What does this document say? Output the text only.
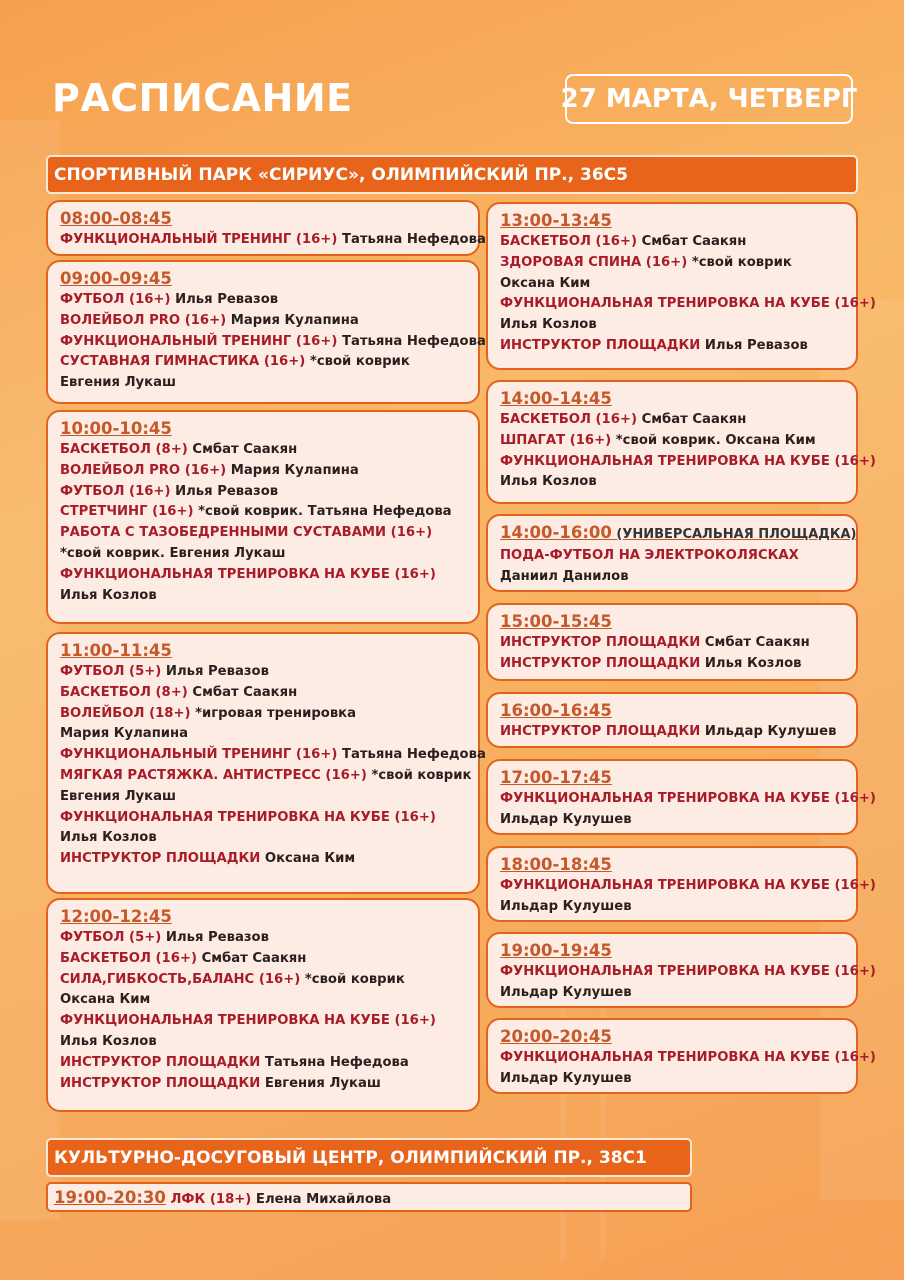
РАСПИСАНИЕ	27 МАРТА, ЧЕТВЕРГ
СПОРТИВНЫЙ ПАРК «СИРИУС», ОЛИМПИЙСКИЙ ПР., 36С5
08:00-08:45
ФУНКЦИОНАЛЬНЫЙ ТРЕНИНГ (16+) Татьяна Нефедова
09:00-09:45
ФУТБОЛ (16+) Илья Ревазов
ВОЛЕЙБОЛ PRO (16+) Мария Кулапина
ФУНКЦИОНАЛЬНЫЙ ТРЕНИНГ (16+) Татьяна Нефедова
СУСТАВНАЯ ГИМНАСТИКА (16+) *свой коврик
Евгения Лукаш
10:00-10:45
БАСКЕТБОЛ (8+) Смбат Саакян
ВОЛЕЙБОЛ PRO (16+) Мария Кулапина
ФУТБОЛ (16+) Илья Ревазов
СТРЕТЧИНГ (16+) *свой коврик. Татьяна Нефедова
РАБОТА С ТАЗОБЕДРЕННЫМИ СУСТАВАМИ (16+)
*свой коврик. Евгения Лукаш
ФУНКЦИОНАЛЬНАЯ ТРЕНИРОВКА НА КУБЕ (16+)
Илья Козлов
11:00-11:45
ФУТБОЛ (5+) Илья Ревазов
БАСКЕТБОЛ (8+) Смбат Саакян
ВОЛЕЙБОЛ (18+) *игровая тренировка
Мария Кулапина
ФУНКЦИОНАЛЬНЫЙ ТРЕНИНГ (16+) Татьяна Нефедова
МЯГКАЯ РАСТЯЖКА. АНТИСТРЕСС (16+) *свой коврик
Евгения Лукаш
ФУНКЦИОНАЛЬНАЯ ТРЕНИРОВКА НА КУБЕ (16+)
Илья Козлов
ИНСТРУКТОР ПЛОЩАДКИ Оксана Ким
12:00-12:45
ФУТБОЛ (5+) Илья Ревазов
БАСКЕТБОЛ (16+) Смбат Саакян
СИЛА,ГИБКОСТЬ,БАЛАНС (16+) *свой коврик
Оксана Ким
ФУНКЦИОНАЛЬНАЯ ТРЕНИРОВКА НА КУБЕ (16+)
Илья Козлов
ИНСТРУКТОР ПЛОЩАДКИ Татьяна Нефедова
ИНСТРУКТОР ПЛОЩАДКИ Евгения Лукаш
13:00-13:45
БАСКЕТБОЛ (16+) Смбат Саакян
ЗДОРОВАЯ СПИНА (16+) *свой коврик
Оксана Ким
ФУНКЦИОНАЛЬНАЯ ТРЕНИРОВКА НА КУБЕ (16+)
Илья Козлов
ИНСТРУКТОР ПЛОЩАДКИ Илья Ревазов
14:00-14:45
БАСКЕТБОЛ (16+) Смбат Саакян
ШПАГАТ (16+) *свой коврик. Оксана Ким
ФУНКЦИОНАЛЬНАЯ ТРЕНИРОВКА НА КУБЕ (16+)
Илья Козлов
14:00-16:00 (УНИВЕРСАЛЬНАЯ ПЛОЩАДКА)
ПОДА-ФУТБОЛ НА ЭЛЕКТРОКОЛЯСКАХ
Даниил Данилов
15:00-15:45
ИНСТРУКТОР ПЛОЩАДКИ Смбат Саакян
ИНСТРУКТОР ПЛОЩАДКИ Илья Козлов
16:00-16:45
ИНСТРУКТОР ПЛОЩАДКИ Ильдар Кулушев
17:00-17:45
ФУНКЦИОНАЛЬНАЯ ТРЕНИРОВКА НА КУБЕ (16+)
Ильдар Кулушев
18:00-18:45
ФУНКЦИОНАЛЬНАЯ ТРЕНИРОВКА НА КУБЕ (16+)
Ильдар Кулушев
19:00-19:45
ФУНКЦИОНАЛЬНАЯ ТРЕНИРОВКА НА КУБЕ (16+)
Ильдар Кулушев
20:00-20:45
ФУНКЦИОНАЛЬНАЯ ТРЕНИРОВКА НА КУБЕ (16+)
Ильдар Кулушев
КУЛЬТУРНО-ДОСУГОВЫЙ ЦЕНТР, ОЛИМПИЙСКИЙ ПР., 38С1
19:00-20:30 ЛФК (18+) Елена Михайлова
